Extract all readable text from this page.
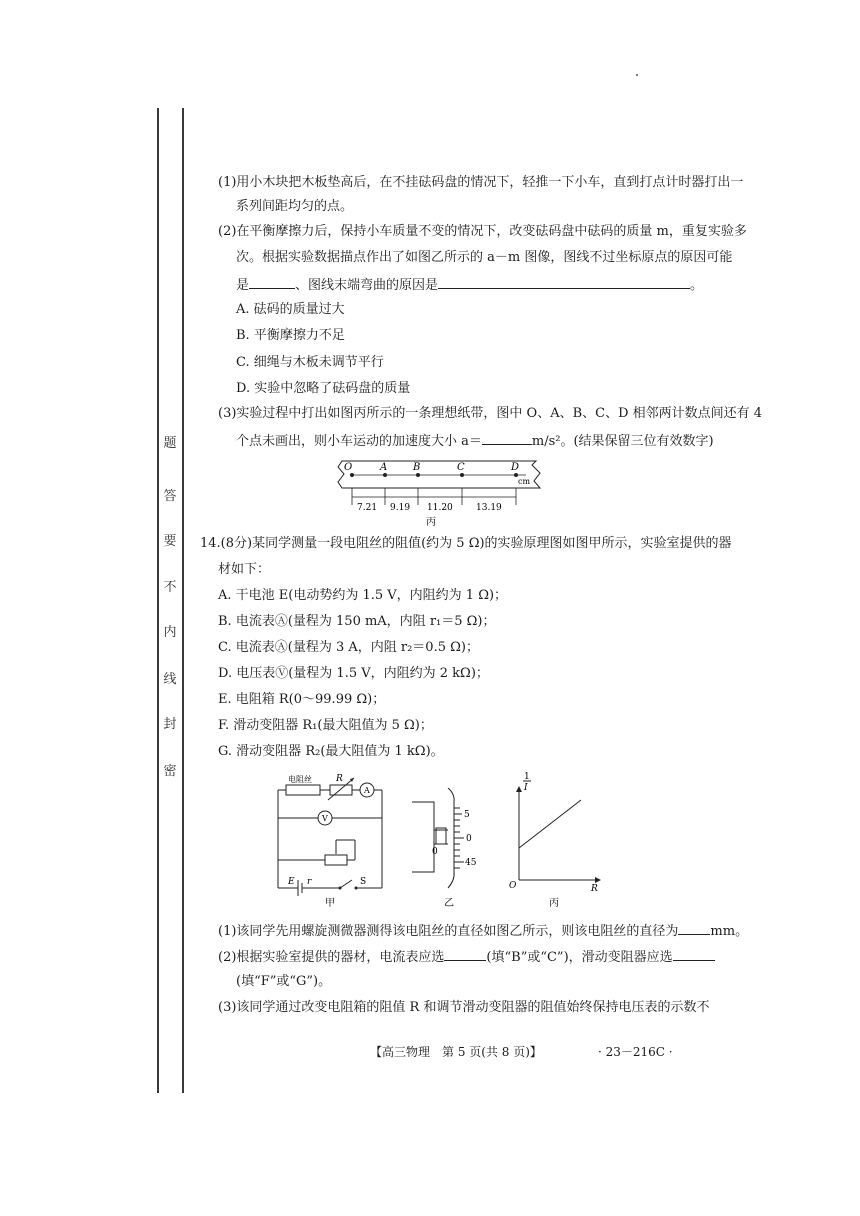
题
答
要
不
内
线
封
密
(1)用小木块把木板垫高后，在不挂砝码盘的情况下，轻推一下小车，直到打点计时器打出一
系列间距均匀的点。
(2)在平衡摩擦力后，保持小车质量不变的情况下，改变砝码盘中砝码的质量 m，重复实验多
次。根据实验数据描点作出了如图乙所示的 a－m 图像，图线不过坐标原点的原因可能
是	、图线末端弯曲的原因是	。
A. 砝码的质量过大
B. 平衡摩擦力不足
C. 细绳与木板未调节平行
D. 实验中忽略了砝码盘的质量
(3)实验过程中打出如图丙所示的一条理想纸带，图中 O、A、B、C、D 相邻两计数点间还有 4
个点未画出，则小车运动的加速度大小 a＝	m/s²。(结果保留三位有效数字)
O	A	B	C	D
cm
7.21 9.19 11.20	13.19
丙
14.(8分)某同学测量一段电阻丝的阻值(约为 5 Ω)的实验原理图如图甲所示，实验室提供的器
材如下：
A. 干电池 E(电动势约为 1.5 V，内阻约为 1 Ω)；
B. 电流表Ⓐ(量程为 150 mA，内阻 r₁＝5 Ω)；
C. 电流表Ⓐ(量程为 3 A，内阻 r₂＝0.5 Ω)；
D. 电压表Ⓥ(量程为 1.5 V，内阻约为 2 kΩ)；
E. 电阻箱 R(0～99.99 Ω)；
F. 滑动变阻器 R₁(最大阻值为 5 Ω)；
G. 滑动变阻器 R₂(最大阻值为 1 kΩ)。
电阻丝	R
A
V
E r	S
甲
5
0
45
0
乙
1
I
O	R
丙
(1)该同学先用螺旋测微器测得该电阻丝的直径如图乙所示，则该电阻丝的直径为 mm。
(2)根据实验室提供的器材，电流表应选	(填“B”或“C”)，滑动变阻器应选
(填“F”或“G”)。
(3)该同学通过改变电阻箱的阻值 R 和调节滑动变阻器的阻值始终保持电压表的示数不
【高三物理　第 5 页(共 8 页)】	· 23－216C ·
